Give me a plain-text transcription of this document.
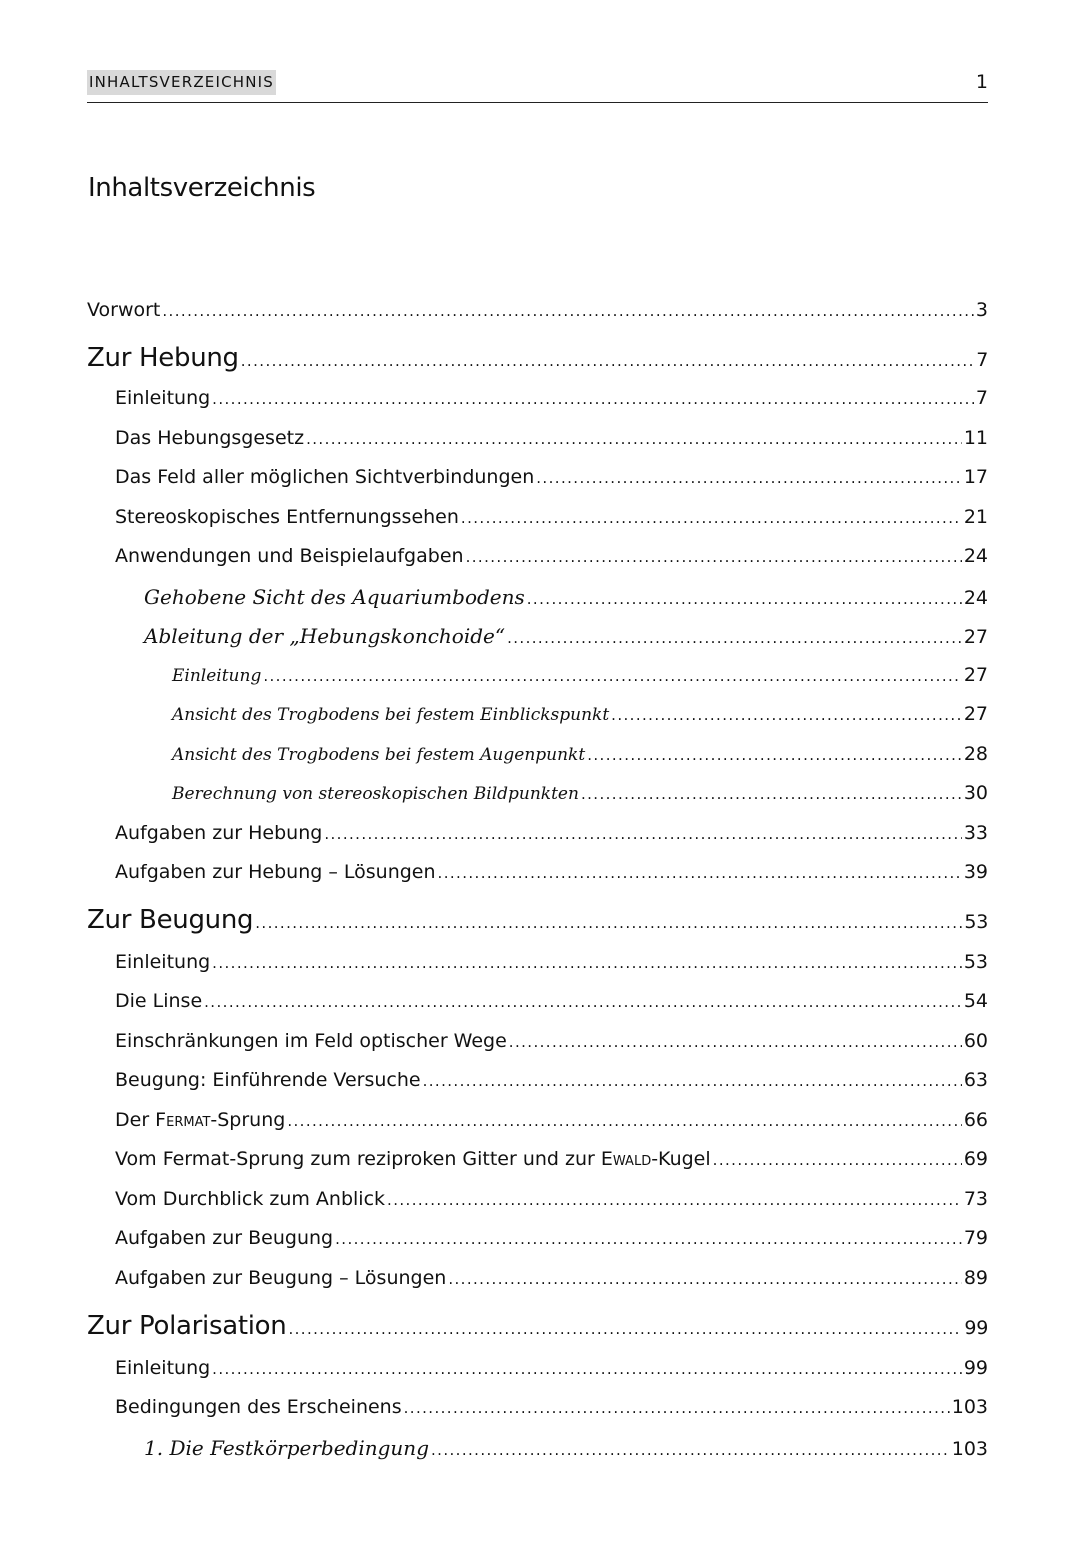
INHALTSVERZEICHNIS	1
Inhaltsverzeichnis
Vorwort .....	3
Zur Hebung .....	7
Einleitung .....	7
Das Hebungsgesetz .....	11
Das Feld aller möglichen Sichtverbindungen .....	17
Stereoskopisches Entfernungssehen .....	21
Anwendungen und Beispielaufgaben .....	24
Gehobene Sicht des Aquariumbodens .....	24
Ableitung der „Hebungskonchoide“ .....	27
Einleitung .....	27
Ansicht des Trogbodens bei festem Einblickspunkt .....	27
Ansicht des Trogbodens bei festem Augenpunkt .....	28
Berechnung von stereoskopischen Bildpunkten .....	30
Aufgaben zur Hebung .....	33
Aufgaben zur Hebung – Lösungen .....	39
Zur Beugung .....	53
Einleitung .....	53
Die Linse .....	54
Einschränkungen im Feld optischer Wege .....	60
Beugung: Einführende Versuche .....	63
Der Fermat-Sprung .....	66
Vom Fermat-Sprung zum reziproken Gitter und zur Ewald-Kugel .....	69
Vom Durchblick zum Anblick .....	73
Aufgaben zur Beugung .....	79
Aufgaben zur Beugung – Lösungen .....	89
Zur Polarisation .....	99
Einleitung .....	99
Bedingungen des Erscheinens .....	103
1. Die Festkörperbedingung .....	103
